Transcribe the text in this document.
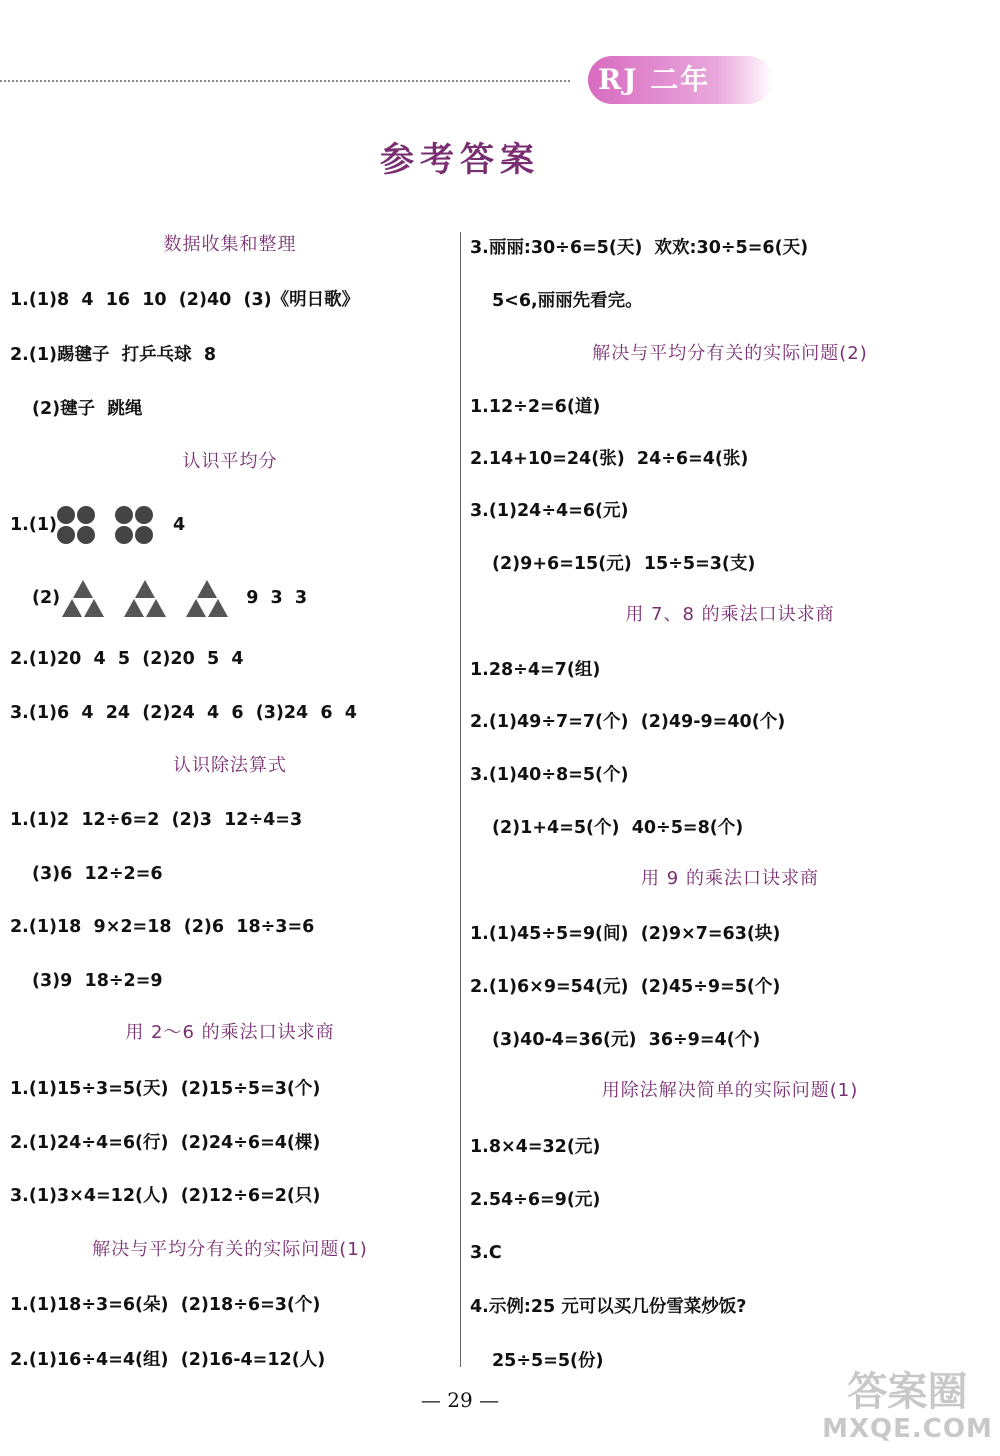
RJ 二年
参考答案
数据收集和整理
1.(1)8  4  16  10  (2)40  (3)《明日歌》
2.(1)踢毽子  打乒乓球  8
(2)毽子  跳绳
认识平均分
1.(1)	4
(2)	9  3  3
2.(1)20  4  5  (2)20  5  4
3.(1)6  4  24  (2)24  4  6  (3)24  6  4
认识除法算式
1.(1)2  12÷6=2  (2)3  12÷4=3
(3)6  12÷2=6
2.(1)18  9×2=18  (2)6  18÷3=6
(3)9  18÷2=9
用 2～6 的乘法口诀求商
1.(1)15÷3=5(天)  (2)15÷5=3(个)
2.(1)24÷4=6(行)  (2)24÷6=4(棵)
3.(1)3×4=12(人)  (2)12÷6=2(只)
解决与平均分有关的实际问题(1)
1.(1)18÷3=6(朵)  (2)18÷6=3(个)
2.(1)16÷4=4(组)  (2)16-4=12(人)
3.丽丽:30÷6=5(天)  欢欢:30÷5=6(天)
5<6,丽丽先看完。
解决与平均分有关的实际问题(2)
1.12÷2=6(道)
2.14+10=24(张)  24÷6=4(张)
3.(1)24÷4=6(元)
(2)9+6=15(元)  15÷5=3(支)
用 7、8 的乘法口诀求商
1.28÷4=7(组)
2.(1)49÷7=7(个)  (2)49-9=40(个)
3.(1)40÷8=5(个)
(2)1+4=5(个)  40÷5=8(个)
用 9 的乘法口诀求商
1.(1)45÷5=9(间)  (2)9×7=63(块)
2.(1)6×9=54(元)  (2)45÷9=5(个)
(3)40-4=36(元)  36÷9=4(个)
用除法解决简单的实际问题(1)
1.8×4=32(元)
2.54÷6=9(元)
3.C
4.示例:25 元可以买几份雪菜炒饭?
25÷5=5(份)
— 29 —	答案圈
MXQE.COM
